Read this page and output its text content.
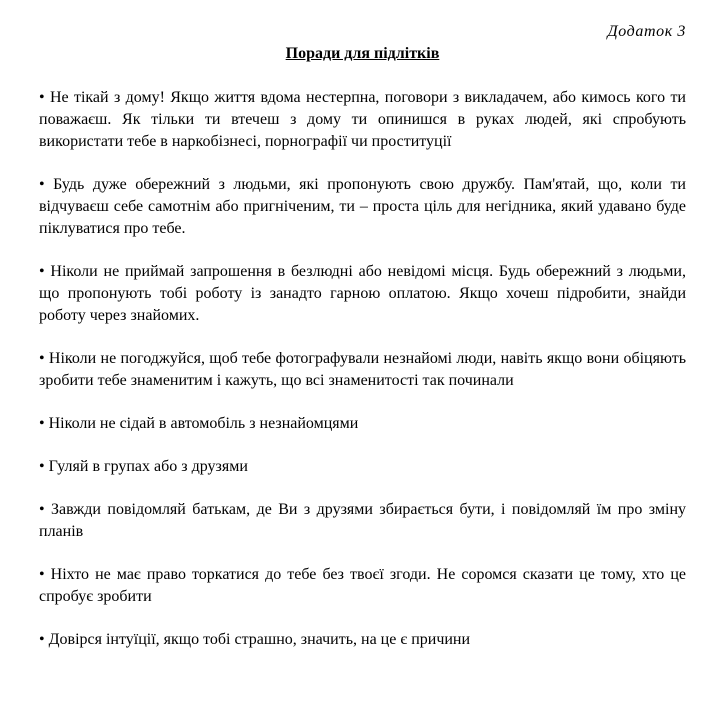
Додаток 3
Поради для підлітків
• Не тікай з дому! Якщо життя вдома нестерпна, поговори з викладачем, або кимось кого ти поважаєш. Як тільки ти втечеш з дому ти опинишся в руках людей, які спробують використати тебе в наркобізнесі, порнографії чи проституції
• Будь дуже обережний з людьми, які пропонують свою дружбу. Пам'ятай, що, коли ти відчуваєш себе самотнім або пригніченим, ти – проста ціль для негідника, який удавано буде піклуватися про тебе.
• Ніколи не приймай запрошення в безлюдні або невідомі місця. Будь обережний з людьми, що пропонують тобі роботу із занадто гарною оплатою. Якщо хочеш підробити, знайди роботу через знайомих.
• Ніколи не погоджуйся, щоб тебе фотографували незнайомі люди, навіть якщо вони обіцяють зробити тебе знаменитим і кажуть, що всі знаменитості так починали
• Ніколи не сідай в автомобіль з незнайомцями
• Гуляй в групах або з друзями
• Завжди повідомляй батькам, де Ви з друзями збирається бути, і повідомляй їм про зміну планів
• Ніхто не має право торкатися до тебе без твоєї згоди. Не соромся сказати це тому, хто це спробує зробити
• Довірся інтуїції, якщо тобі страшно, значить, на це є причини
